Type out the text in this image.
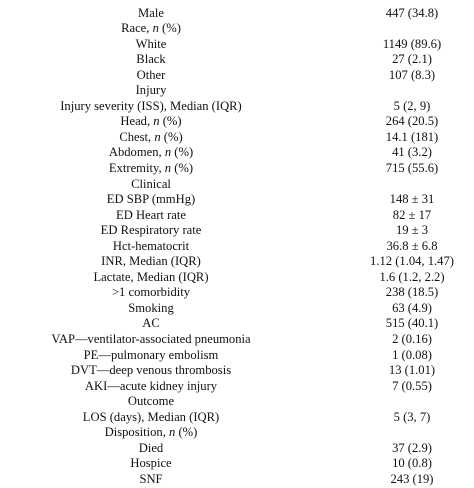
Male	447 (34.8)
Race, n (%)
White	1149 (89.6)
Black	27 (2.1)
Other	107 (8.3)
Injury
Injury severity (ISS), Median (IQR)	5 (2, 9)
Head, n (%)	264 (20.5)
Chest, n (%)	14.1 (181)
Abdomen, n (%)	41 (3.2)
Extremity, n (%)	715 (55.6)
Clinical
ED SBP (mmHg)	148 ± 31
ED Heart rate	82 ± 17
ED Respiratory rate	19 ± 3
Hct-hematocrit	36.8 ± 6.8
INR, Median (IQR)	1.12 (1.04, 1.47)
Lactate, Median (IQR)	1.6 (1.2, 2.2)
>1 comorbidity	238 (18.5)
Smoking	63 (4.9)
AC	515 (40.1)
VAP—ventilator-associated pneumonia	2 (0.16)
PE—pulmonary embolism	1 (0.08)
DVT—deep venous thrombosis	13 (1.01)
AKI—acute kidney injury	7 (0.55)
Outcome
LOS (days), Median (IQR)	5 (3, 7)
Disposition, n (%)
Died	37 (2.9)
Hospice	10 (0.8)
SNF	243 (19)
